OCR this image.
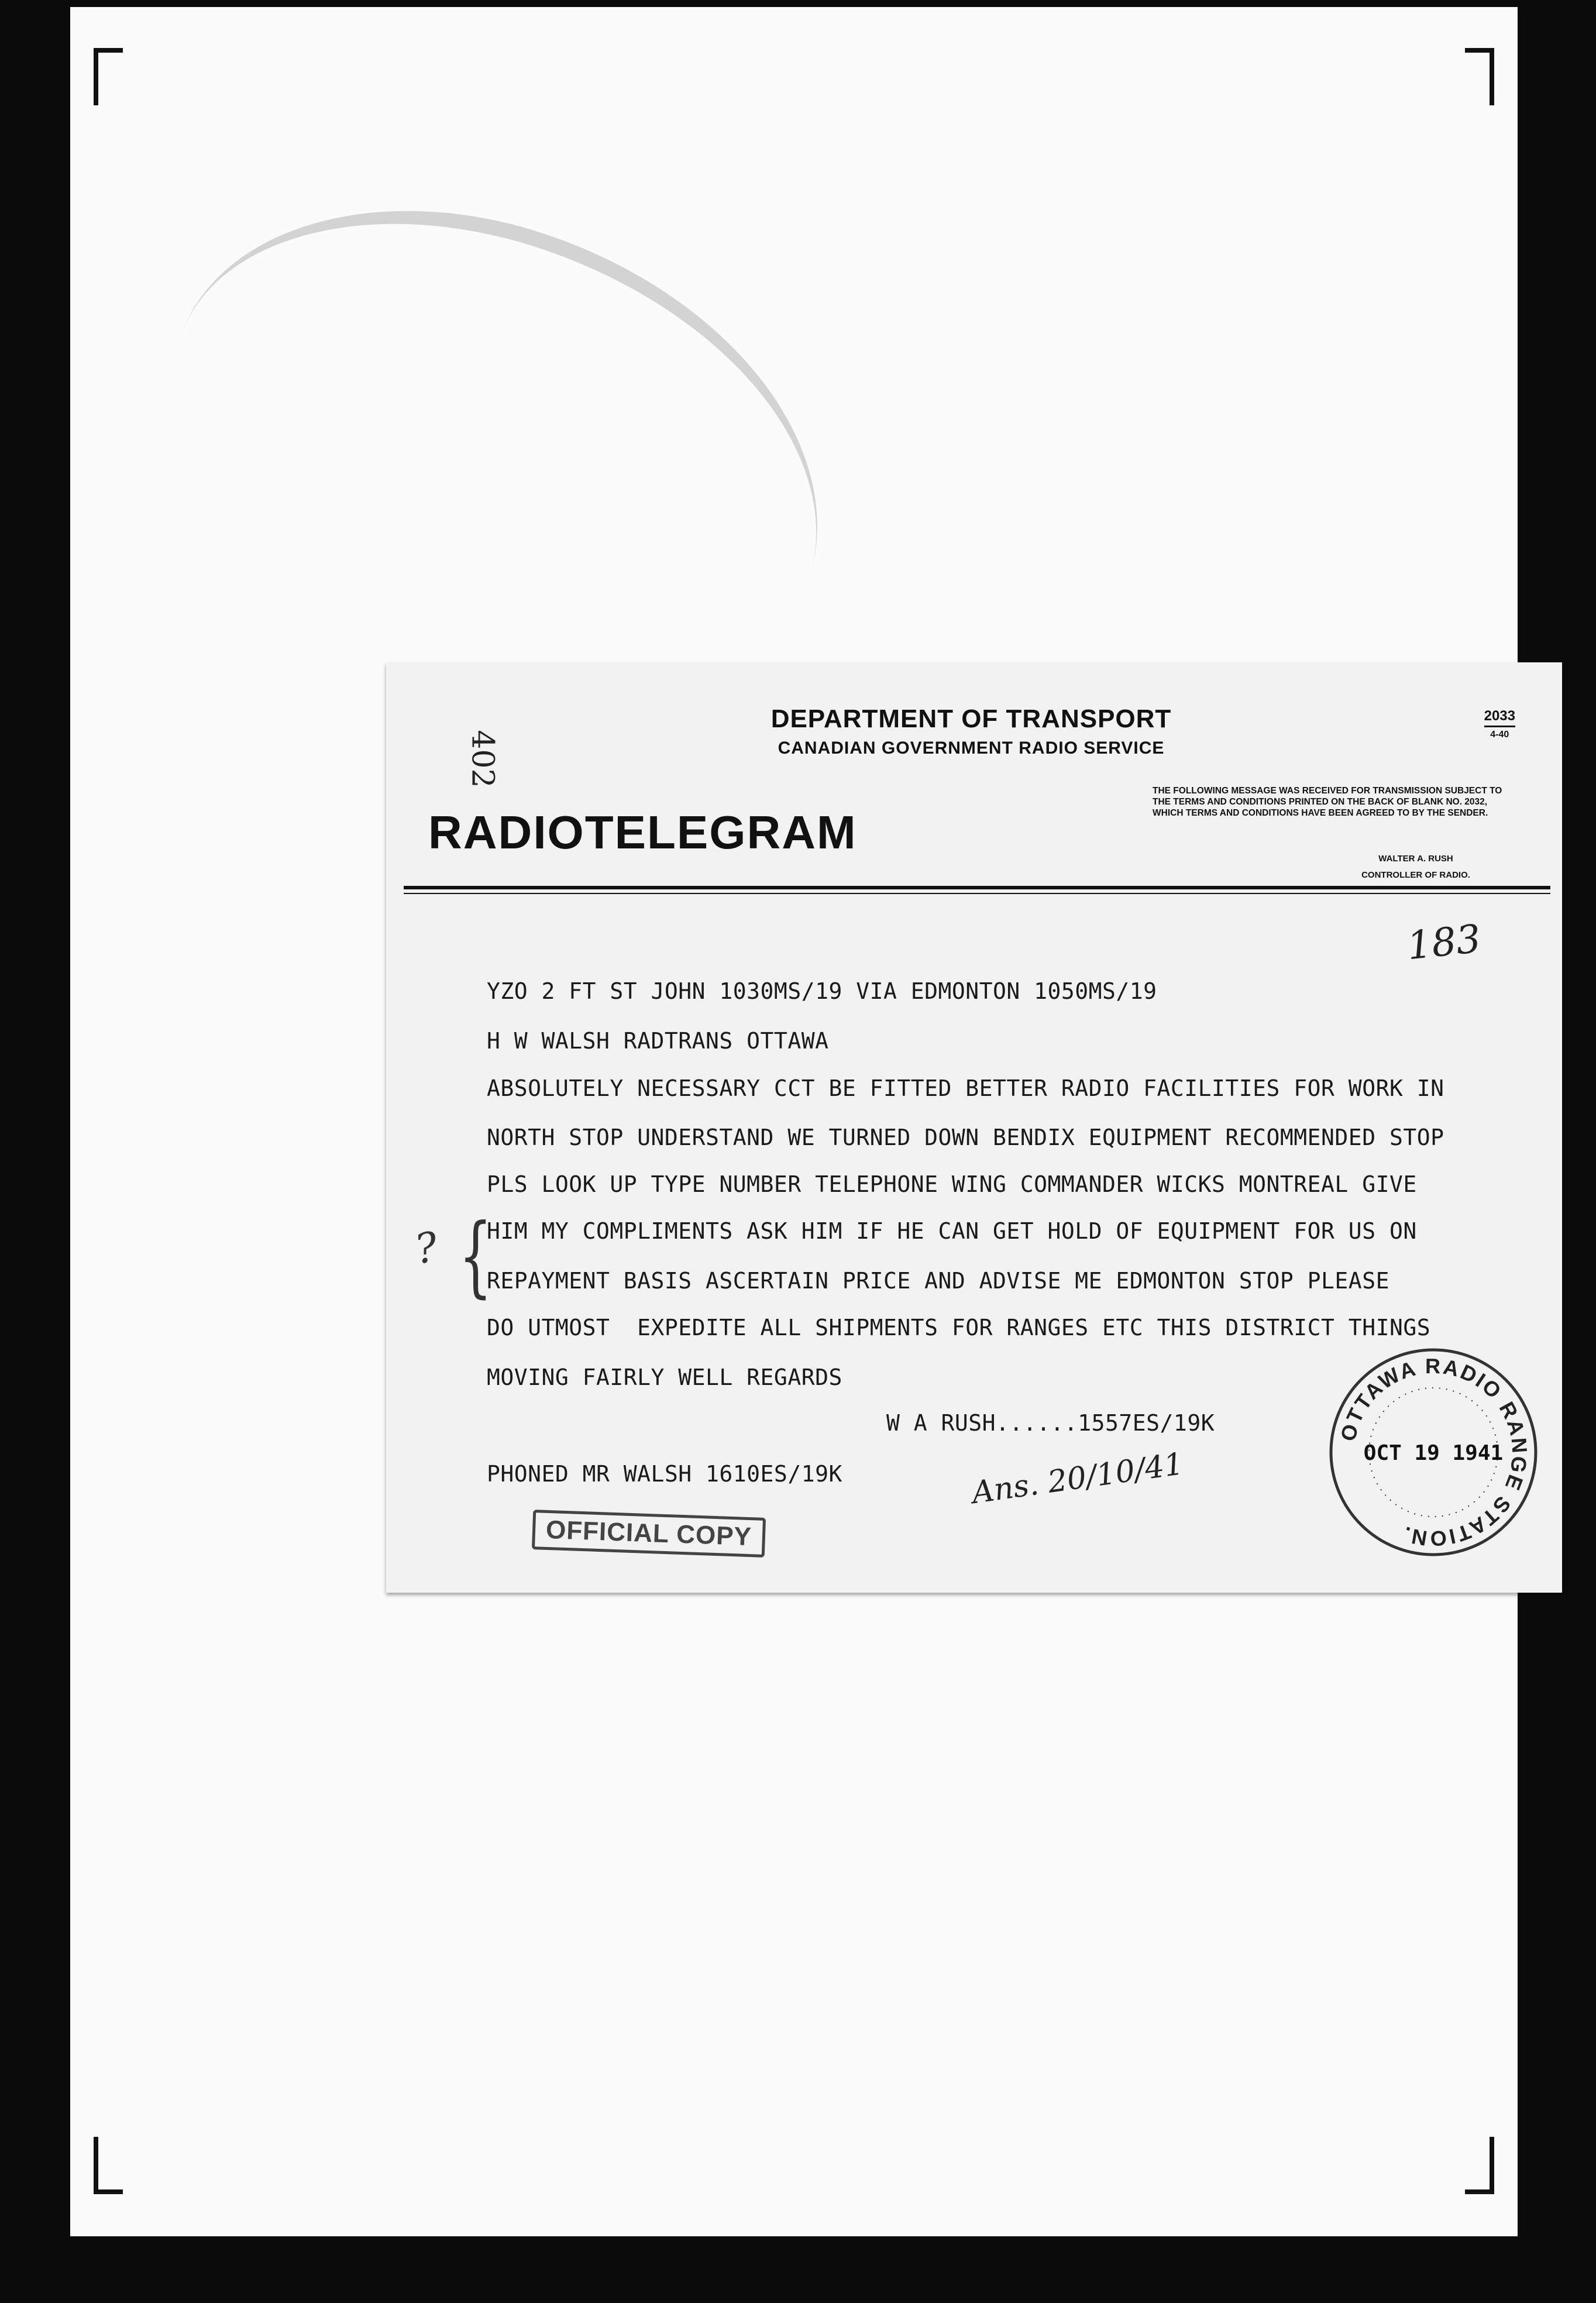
DEPARTMENT OF TRANSPORT
CANADIAN GOVERNMENT RADIO SERVICE
2033
4-40
402
RADIOTELEGRAM
THE FOLLOWING MESSAGE WAS RECEIVED FOR TRANSMISSION SUBJECT TO THE TERMS AND CONDITIONS PRINTED ON THE BACK OF BLANK NO. 2032, WHICH TERMS AND CONDITIONS HAVE BEEN AGREED TO BY THE SENDER.
WALTER A. RUSH
CONTROLLER OF RADIO.
183
YZO 2 FT ST JOHN 1030MS/19 VIA EDMONTON 1050MS/19
H W WALSH RADTRANS OTTAWA
ABSOLUTELY NECESSARY CCT BE FITTED BETTER RADIO FACILITIES FOR WORK IN
NORTH STOP UNDERSTAND WE TURNED DOWN BENDIX EQUIPMENT RECOMMENDED STOP
PLS LOOK UP TYPE NUMBER TELEPHONE WING COMMANDER WICKS MONTREAL GIVE
HIM MY COMPLIMENTS ASK HIM IF HE CAN GET HOLD OF EQUIPMENT FOR US ON
REPAYMENT BASIS ASCERTAIN PRICE AND ADVISE ME EDMONTON STOP PLEASE
DO UTMOST  EXPEDITE ALL SHIPMENTS FOR RANGES ETC THIS DISTRICT THINGS
MOVING FAIRLY WELL REGARDS
W A RUSH......1557ES/19K
PHONED MR WALSH 1610ES/19K
? {
Ans. 20/10/41
OFFICIAL COPY
OTTAWA RADIO RANGE STATION.
OCT 19 1941
